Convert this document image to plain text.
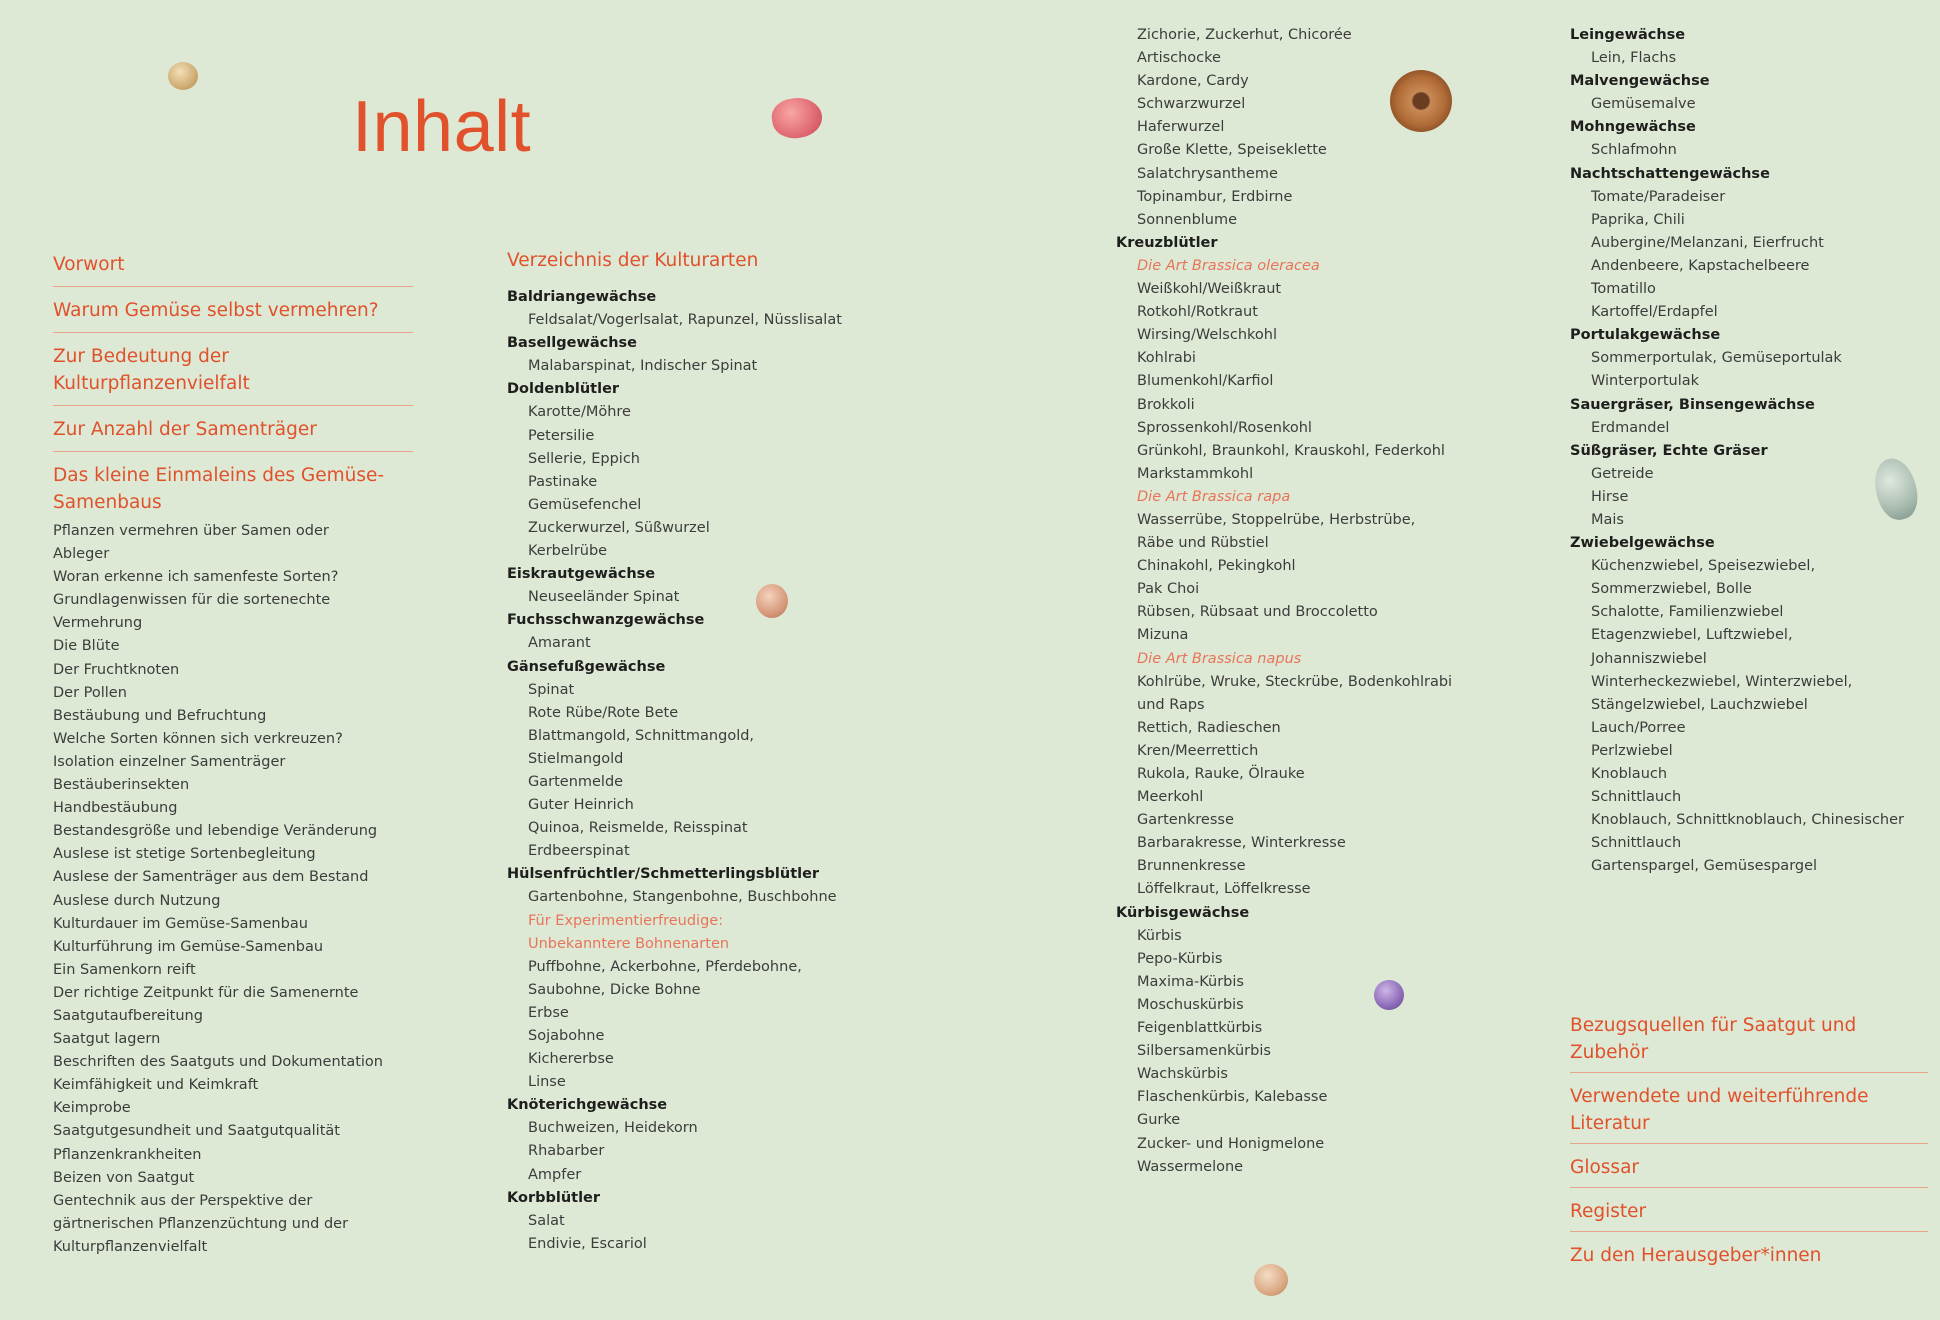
Inhalt
Vorwort
Warum Gemüse selbst vermehren?
Zur Bedeutung der Kulturpflanzenvielfalt
Zur Anzahl der Samenträger
Das kleine Einmaleins des Gemüse-Samenbaus
Pflanzen vermehren über Samen oder
Ableger
Woran erkenne ich samenfeste Sorten?
Grundlagenwissen für die sortenechte
Vermehrung
Die Blüte
Der Fruchtknoten
Der Pollen
Bestäubung und Befruchtung
Welche Sorten können sich verkreuzen?
Isolation einzelner Samenträger
Bestäuberinsekten
Handbestäubung
Bestandesgröße und lebendige Veränderung
Auslese ist stetige Sortenbegleitung
Auslese der Samenträger aus dem Bestand
Auslese durch Nutzung
Kulturdauer im Gemüse-Samenbau
Kulturführung im Gemüse-Samenbau
Ein Samenkorn reift
Der richtige Zeitpunkt für die Samenernte
Saatgutaufbereitung
Saatgut lagern
Beschriften des Saatguts und Dokumentation
Keimfähigkeit und Keimkraft
Keimprobe
Saatgutgesundheit und Saatgutqualität
Pflanzenkrankheiten
Beizen von Saatgut
Gentechnik aus der Perspektive der
gärtnerischen Pflanzenzüchtung und der
Kulturpflanzenvielfalt
Verzeichnis der Kulturarten
Baldriangewächse
Feldsalat/Vogerlsalat, Rapunzel, Nüsslisalat
Basellgewächse
Malabarspinat, Indischer Spinat
Doldenblütler
Karotte/Möhre
Petersilie
Sellerie, Eppich
Pastinake
Gemüsefenchel
Zuckerwurzel, Süßwurzel
Kerbelrübe
Eiskrautgewächse
Neuseeländer Spinat
Fuchsschwanzgewächse
Amarant
Gänsefußgewächse
Spinat
Rote Rübe/Rote Bete
Blattmangold, Schnittmangold,
Stielmangold
Gartenmelde
Guter Heinrich
Quinoa, Reismelde, Reisspinat
Erdbeerspinat
Hülsenfrüchtler/Schmetterlingsblütler
Gartenbohne, Stangenbohne, Buschbohne
Für Experimentierfreudige:
Unbekanntere Bohnenarten
Puffbohne, Ackerbohne, Pferdebohne,
Saubohne, Dicke Bohne
Erbse
Sojabohne
Kichererbse
Linse
Knöterichgewächse
Buchweizen, Heidekorn
Rhabarber
Ampfer
Korbblütler
Salat
Endivie, Escariol
Zichorie, Zuckerhut, Chicorée
Artischocke
Kardone, Cardy
Schwarzwurzel
Haferwurzel
Große Klette, Speiseklette
Salatchrysantheme
Topinambur, Erdbirne
Sonnenblume
Kreuzblütler
Die Art Brassica oleracea
Weißkohl/Weißkraut
Rotkohl/Rotkraut
Wirsing/Welschkohl
Kohlrabi
Blumenkohl/Karfiol
Brokkoli
Sprossenkohl/Rosenkohl
Grünkohl, Braunkohl, Krauskohl, Federkohl
Markstammkohl
Die Art Brassica rapa
Wasserrübe, Stoppelrübe, Herbstrübe,
Räbe und Rübstiel
Chinakohl, Pekingkohl
Pak Choi
Rübsen, Rübsaat und Broccoletto
Mizuna
Die Art Brassica napus
Kohlrübe, Wruke, Steckrübe, Bodenkohlrabi
und Raps
Rettich, Radieschen
Kren/Meerrettich
Rukola, Rauke, Ölrauke
Meerkohl
Gartenkresse
Barbarakresse, Winterkresse
Brunnenkresse
Löffelkraut, Löffelkresse
Kürbisgewächse
Kürbis
Pepo-Kürbis
Maxima-Kürbis
Moschuskürbis
Feigenblattkürbis
Silbersamenkürbis
Wachskürbis
Flaschenkürbis, Kalebasse
Gurke
Zucker- und Honigmelone
Wassermelone
Leingewächse
Lein, Flachs
Malvengewächse
Gemüsemalve
Mohngewächse
Schlafmohn
Nachtschattengewächse
Tomate/Paradeiser
Paprika, Chili
Aubergine/Melanzani, Eierfrucht
Andenbeere, Kapstachelbeere
Tomatillo
Kartoffel/Erdapfel
Portulakgewächse
Sommerportulak, Gemüseportulak
Winterportulak
Sauergräser, Binsengewächse
Erdmandel
Süßgräser, Echte Gräser
Getreide
Hirse
Mais
Zwiebelgewächse
Küchenzwiebel, Speisezwiebel,
Sommerzwiebel, Bolle
Schalotte, Familienzwiebel
Etagenzwiebel, Luftzwiebel,
Johanniszwiebel
Winterheckezwiebel, Winterzwiebel,
Stängelzwiebel, Lauchzwiebel
Lauch/Porree
Perlzwiebel
Knoblauch
Schnittlauch
Knoblauch, Schnittknoblauch, Chinesischer
Schnittlauch
Gartenspargel, Gemüsespargel
Bezugsquellen für Saatgut und Zubehör
Verwendete und weiterführende Literatur
Glossar
Register
Zu den Herausgeber*innen
